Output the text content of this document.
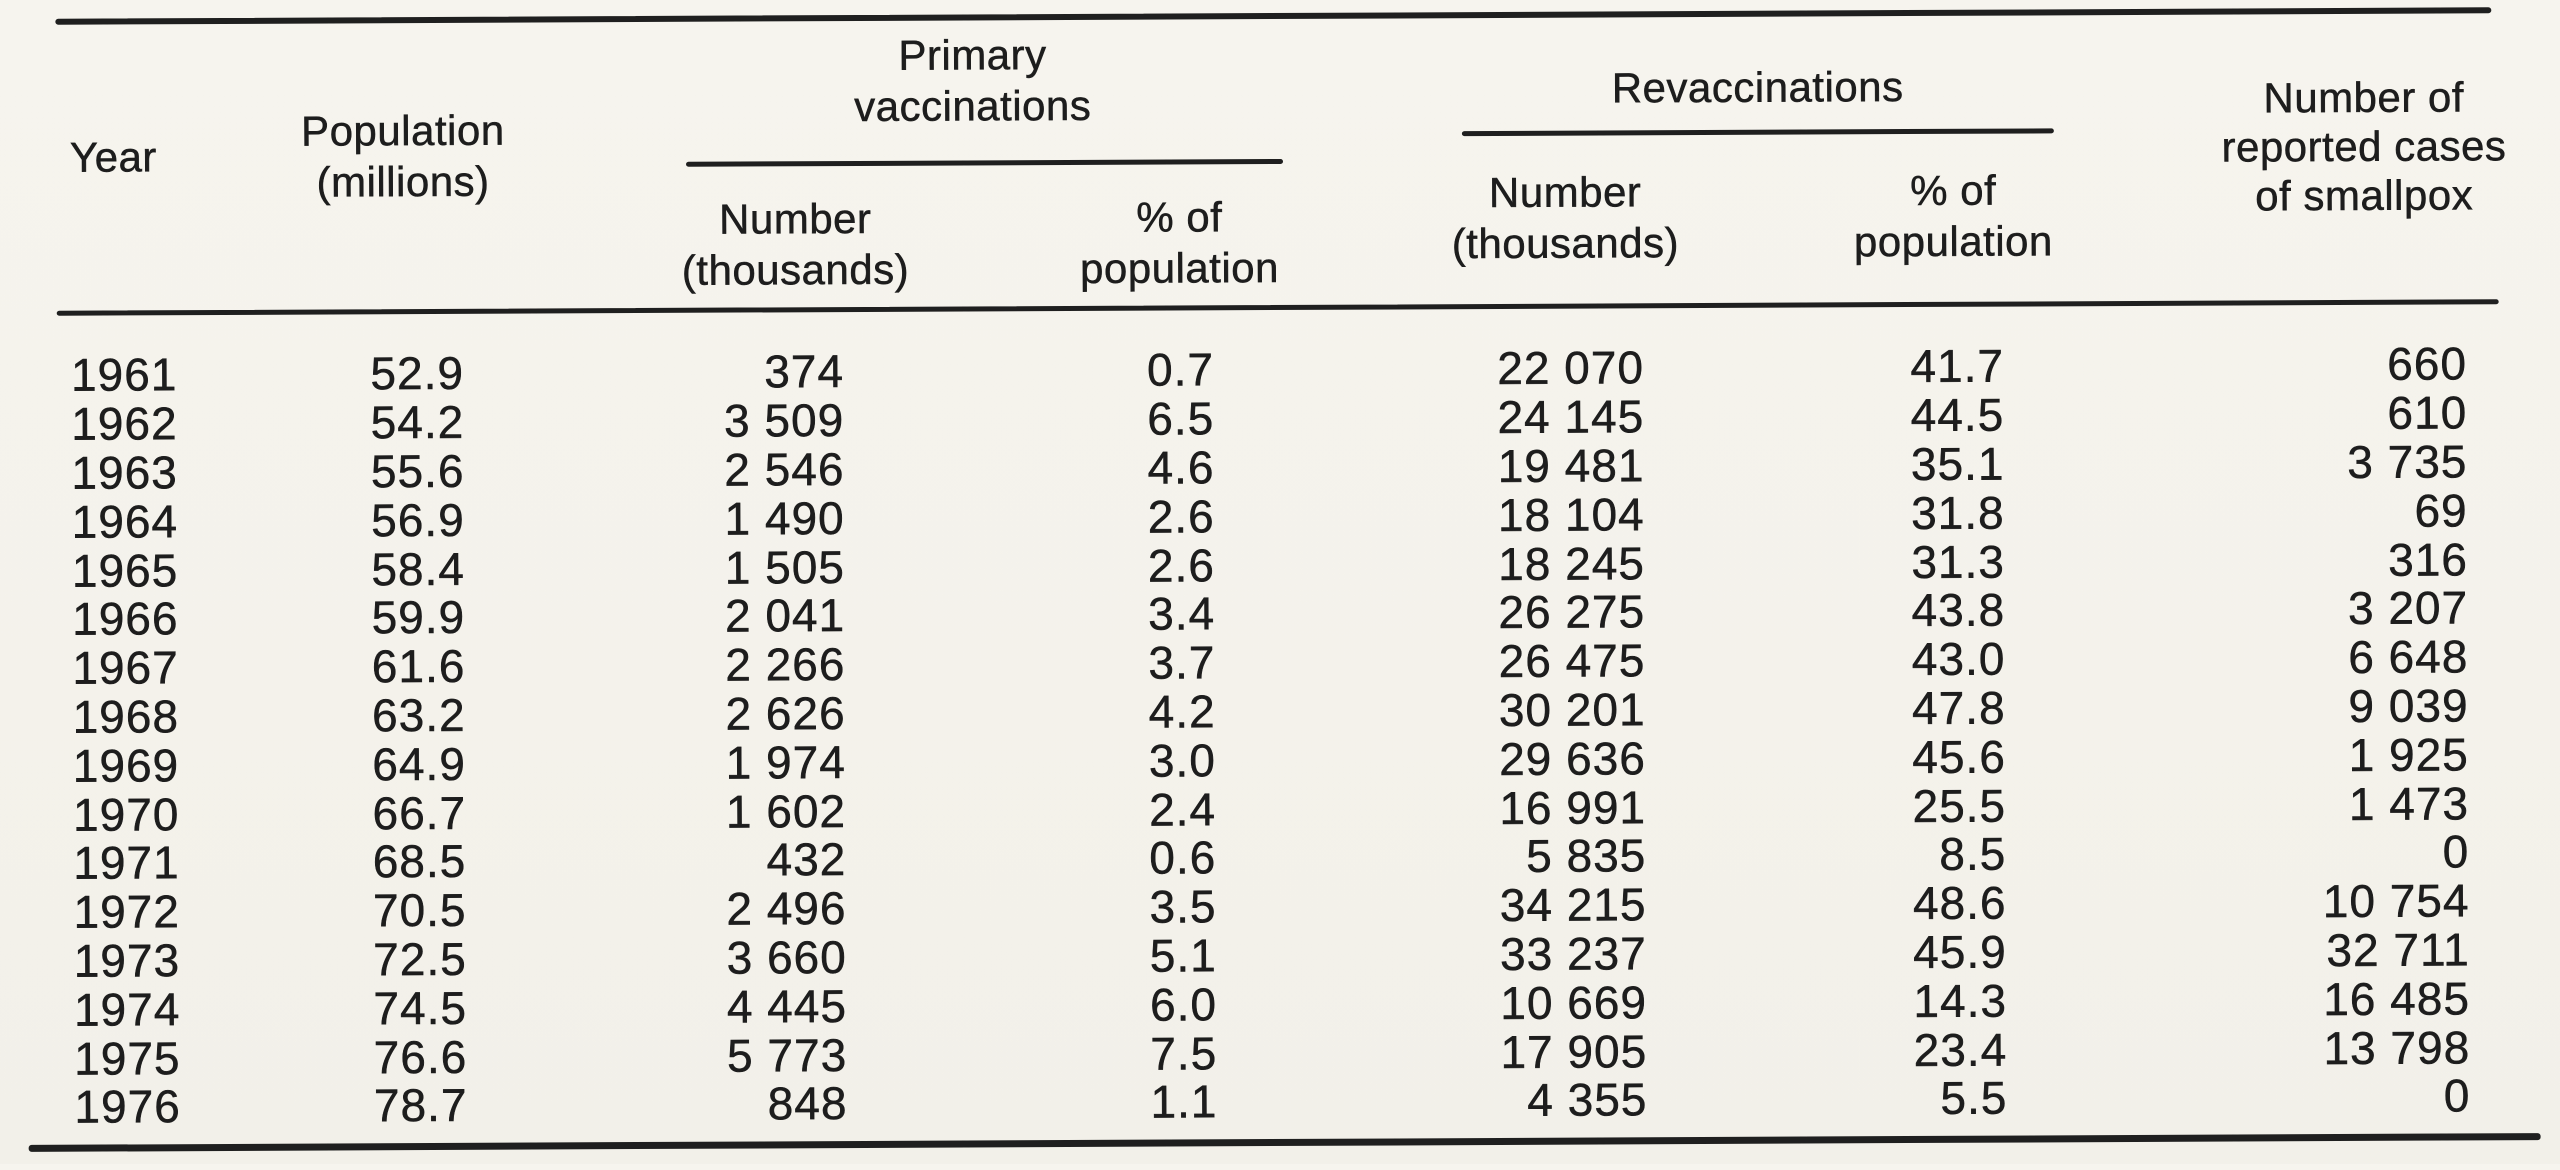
Year
Population
(millions)
Primary
vaccinations
Number
(thousands)
% of
population
Revaccinations
Number
(thousands)
% of
population
Number of
reported cases
of smallpox
1961	52.9	374	0.7	22 070	41.7	660
1962	54.2	3 509	6.5	24 145	44.5	610
1963	55.6	2 546	4.6	19 481	35.1	3 735
1964	56.9	1 490	2.6	18 104	31.8	69
1965	58.4	1 505	2.6	18 245	31.3	316
1966	59.9	2 041	3.4	26 275	43.8	3 207
1967	61.6	2 266	3.7	26 475	43.0	6 648
1968	63.2	2 626	4.2	30 201	47.8	9 039
1969	64.9	1 974	3.0	29 636	45.6	1 925
1970	66.7	1 602	2.4	16 991	25.5	1 473
1971	68.5	432	0.6	5 835	8.5	0
1972	70.5	2 496	3.5	34 215	48.6	10 754
1973	72.5	3 660	5.1	33 237	45.9	32 711
1974	74.5	4 445	6.0	10 669	14.3	16 485
1975	76.6	5 773	7.5	17 905	23.4	13 798
1976	78.7	848	1.1	4 355	5.5	0
